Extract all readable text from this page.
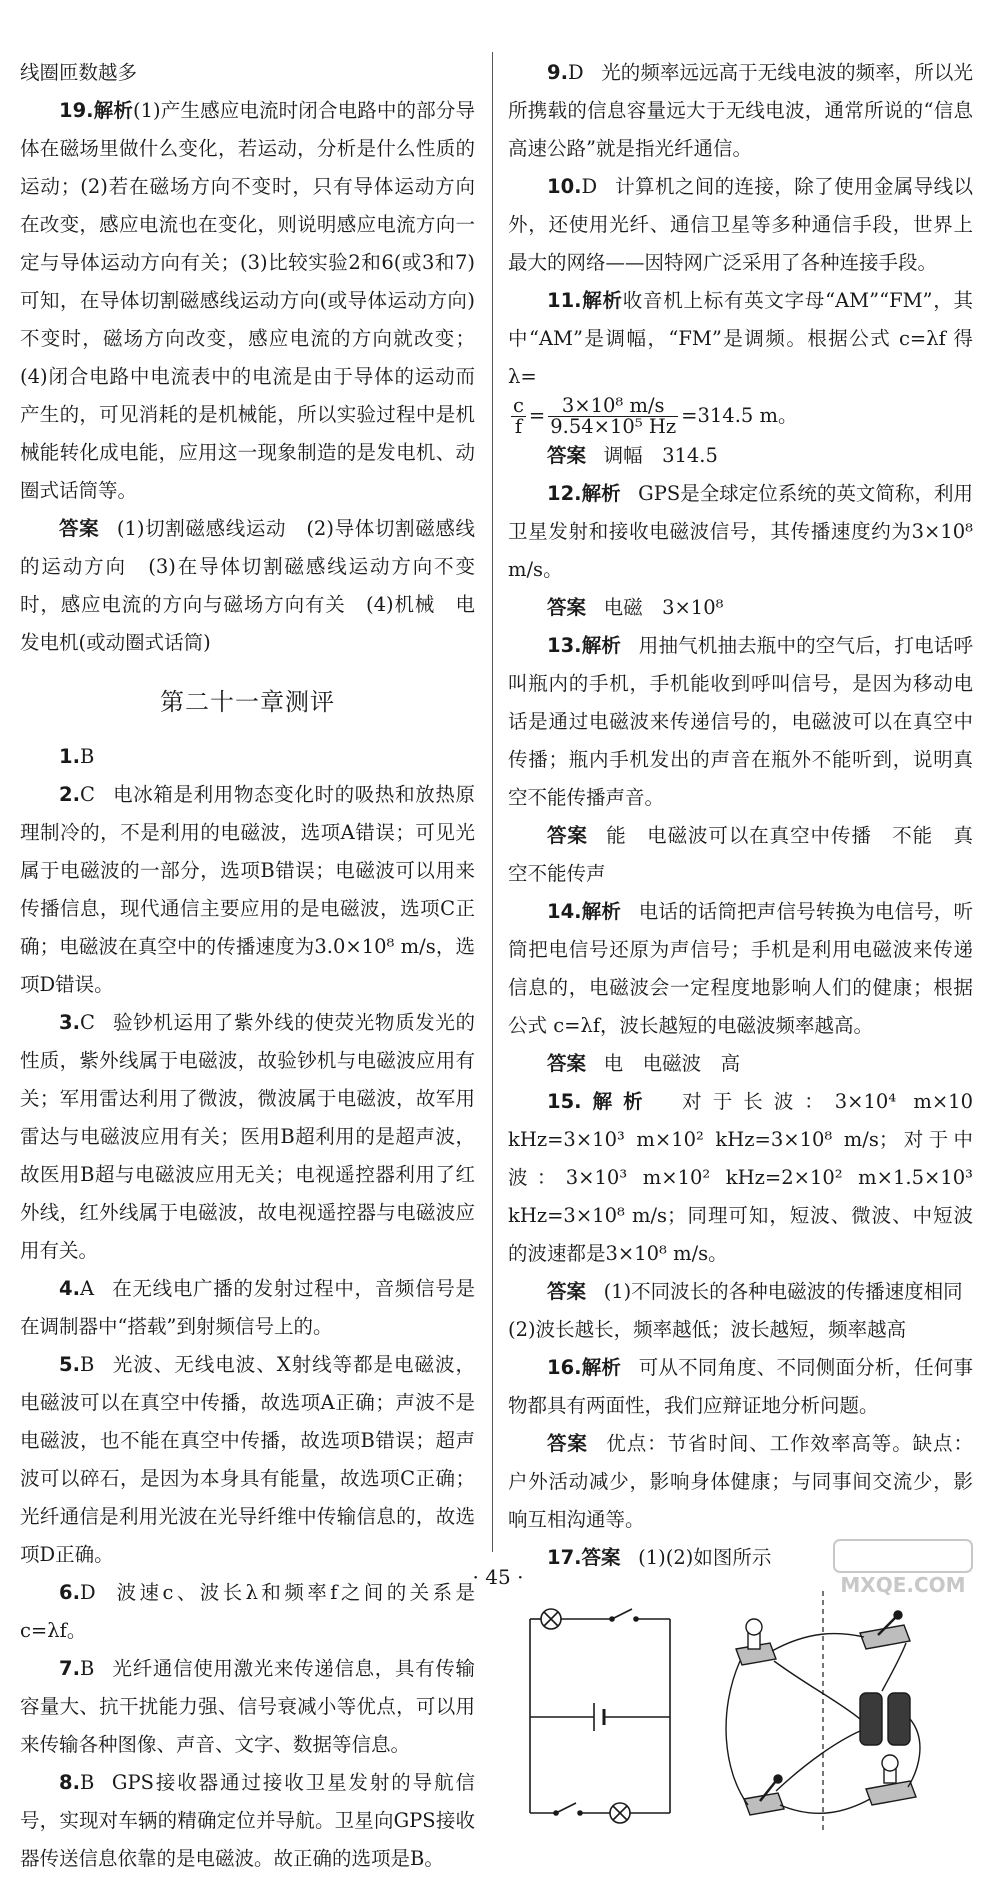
线圈匝数越多

19.解析(1)产生感应电流时闭合电路中的部分导体在磁场里做什么变化，若运动，分析是什么性质的运动；(2)若在磁场方向不变时，只有导体运动方向在改变，感应电流也在变化，则说明感应电流方向一定与导体运动方向有关；(3)比较实验2和6(或3和7)可知，在导体切割磁感线运动方向(或导体运动方向)不变时，磁场方向改变，感应电流的方向就改变；(4)闭合电路中电流表中的电流是由于导体的运动而产生的，可见消耗的是机械能，所以实验过程中是机械能转化成电能，应用这一现象制造的是发电机、动圈式话筒等。

答案 (1)切割磁感线运动　(2)导体切割磁感线的运动方向　(3)在导体切割磁感线运动方向不变时，感应电流的方向与磁场方向有关　(4)机械　电　发电机(或动圈式话筒)

第二十一章测评

1.B

2.C 电冰箱是利用物态变化时的吸热和放热原理制冷的，不是利用的电磁波，选项A错误；可见光属于电磁波的一部分，选项B错误；电磁波可以用来传播信息，现代通信主要应用的是电磁波，选项C正确；电磁波在真空中的传播速度为3.0×10⁸ m/s，选项D错误。

3.C 验钞机运用了紫外线的使荧光物质发光的性质，紫外线属于电磁波，故验钞机与电磁波应用有关；军用雷达利用了微波，微波属于电磁波，故军用雷达与电磁波应用有关；医用B超利用的是超声波，故医用B超与电磁波应用无关；电视遥控器利用了红外线，红外线属于电磁波，故电视遥控器与电磁波应用有关。

4.A 在无线电广播的发射过程中，音频信号是在调制器中“搭载”到射频信号上的。

5.B 光波、无线电波、X射线等都是电磁波，电磁波可以在真空中传播，故选项A正确；声波不是电磁波，也不能在真空中传播，故选项B错误；超声波可以碎石，是因为本身具有能量，故选项C正确；光纤通信是利用光波在光导纤维中传输信息的，故选项D正确。

6.D 波速c、波长λ和频率f之间的关系是c=λf。

7.B 光纤通信使用激光来传递信息，具有传输容量大、抗干扰能力强、信号衰减小等优点，可以用来传输各种图像、声音、文字、数据等信息。

8.B GPS接收器通过接收卫星发射的导航信号，实现对车辆的精确定位并导航。卫星向GPS接收器传送信息依靠的是电磁波。故正确的选项是B。

9.D 光的频率远远高于无线电波的频率，所以光所携载的信息容量远大于无线电波，通常所说的“信息高速公路”就是指光纤通信。

10.D 计算机之间的连接，除了使用金属导线以外，还使用光纤、通信卫星等多种通信手段，世界上最大的网络——因特网广泛采用了各种连接手段。

11.解析收音机上标有英文字母“AM”“FM”，其中“AM”是调幅，“FM”是调频。根据公式 c=λf 得λ=

$\frac{c}{f} = \frac{\text{3×10⁸ m/s}}{\text{9.54×10⁵ Hz}} =314.5$ m。

答案 调幅　314.5

12.解析 GPS是全球定位系统的英文简称，利用卫星发射和接收电磁波信号，其传播速度约为3×10⁸ m/s。

答案 电磁　3×10⁸

13.解析 用抽气机抽去瓶中的空气后，打电话呼叫瓶内的手机，手机能收到呼叫信号，是因为移动电话是通过电磁波来传递信号的，电磁波可以在真空中传播；瓶内手机发出的声音在瓶外不能听到，说明真空不能传播声音。

答案 能　电磁波可以在真空中传播　不能　真空不能传声

14.解析 电话的话筒把声信号转换为电信号，听筒把电信号还原为声信号；手机是利用电磁波来传递信息的，电磁波会一定程度地影响人们的健康；根据公式 c=λf，波长越短的电磁波频率越高。

答案 电　电磁波　高

15.解析 对于长波：3×10⁴ m×10 kHz=3×10³ m×10² kHz=3×10⁸ m/s；对于中波：3×10³ m×10² kHz=2×10² m×1.5×10³ kHz=3×10⁸ m/s；同理可知，短波、微波、中短波的波速都是3×10⁸ m/s。

答案 (1)不同波长的各种电磁波的传播速度相同

(2)波长越长，频率越低；波长越短，频率越高

16.解析 可从不同角度、不同侧面分析，任何事物都具有两面性，我们应辩证地分析问题。

答案 优点：节省时间、工作效率高等。缺点：户外活动减少，影响身体健康；与同事间交流少，影响互相沟通等。

17.答案 (1)(2)如图所示

· 45 ·	MXQE.COM
